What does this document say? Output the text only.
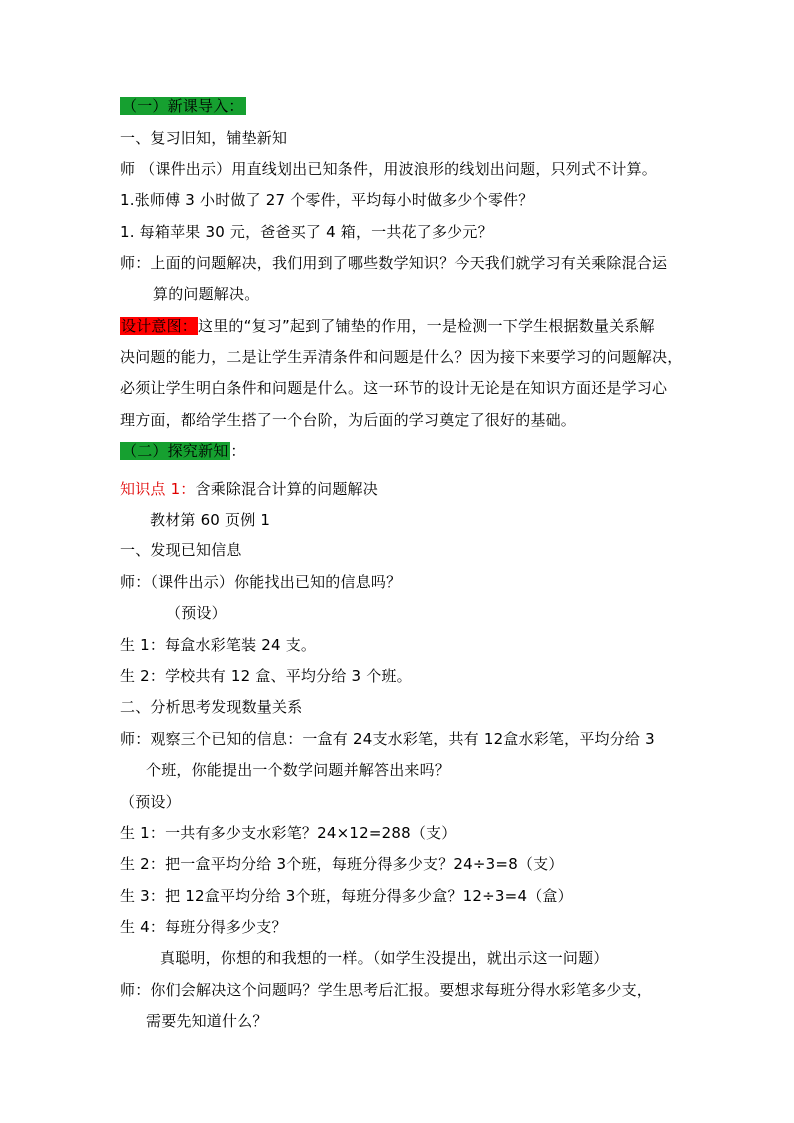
（一）新课导入：
一、复习旧知，铺垫新知
师 （课件出示）用直线划出已知条件，用波浪形的线划出问题，只列式不计算。
1.张师傅 3 小时做了 27 个零件，平均每小时做多少个零件？
1. 每箱苹果 30 元，爸爸买了 4 箱，一共花了多少元？
师：上面的问题解决，我们用到了哪些数学知识？今天我们就学习有关乘除混合运
算的问题解决。
设计意图：这里的“复习”起到了铺垫的作用，一是检测一下学生根据数量关系解
决问题的能力，二是让学生弄清条件和问题是什么？因为接下来要学习的问题解决，
必须让学生明白条件和问题是什么。这一环节的设计无论是在知识方面还是学习心
理方面，都给学生搭了一个台阶，为后面的学习奠定了很好的基础。
（二）探究新知 ：
知识点 1：含乘除混合计算的问题解决
教材第 60 页例 1
一、发现已知信息
师：（课件出示）你能找出已知的信息吗？
（预设）
生 1：每盒水彩笔装 24 支。
生 2：学校共有 12 盒、平均分给 3 个班。
二、分析思考发现数量关系
师：观察三个已知的信息：一盒有 24支水彩笔，共有 12盒水彩笔，平均分给 3
个班，你能提出一个数学问题并解答出来吗？
（预设）
生 1：一共有多少支水彩笔？24×12=288（支）
生 2：把一盒平均分给 3个班，每班分得多少支？24÷3=8（支）
生 3：把 12盒平均分给 3个班，每班分得多少盒？12÷3=4（盒）
生 4：每班分得多少支？
真聪明，你想的和我想的一样。（如学生没提出，就出示这一问题）
师：你们会解决这个问题吗？学生思考后汇报。要想求每班分得水彩笔多少支，
需要先知道什么？
